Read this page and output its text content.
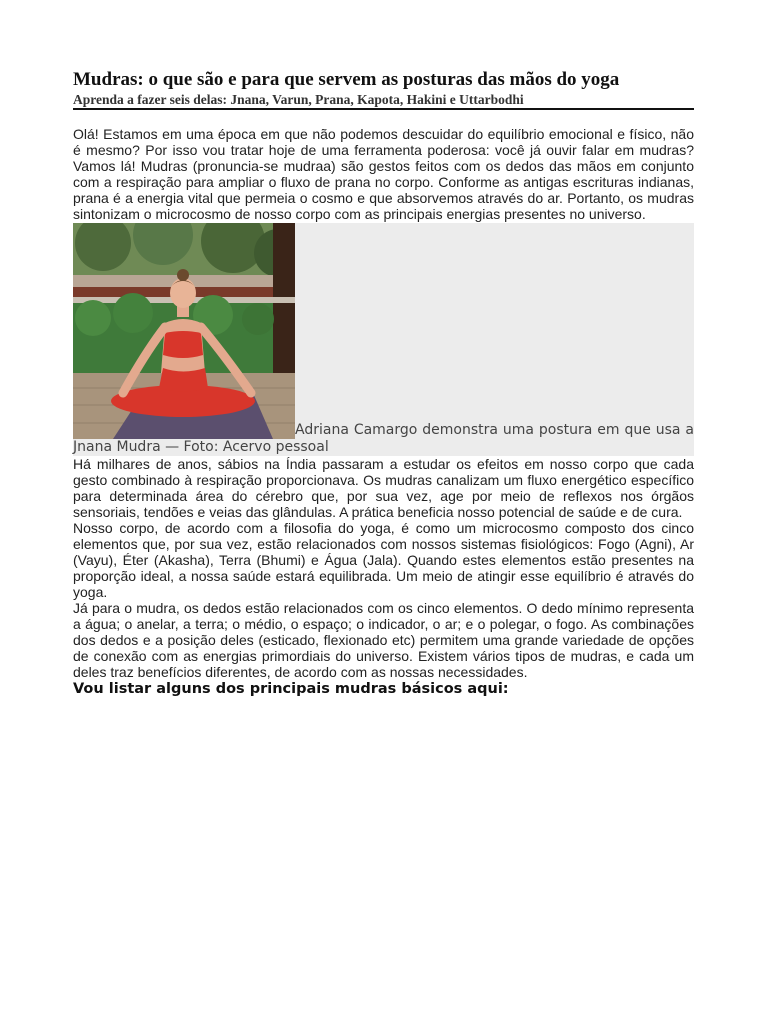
Mudras: o que são e para que servem as posturas das mãos do yoga
Aprenda a fazer seis delas: Jnana, Varun, Prana, Kapota, Hakini e Uttarbodhi

Olá! Estamos em uma época em que não podemos descuidar do equilíbrio emocional e físico, não é mesmo? Por isso vou tratar hoje de uma ferramenta poderosa: você já ouvir falar em mudras? Vamos lá! Mudras (pronuncia-se mudraa) são gestos feitos com os dedos das mãos em conjunto com a respiração para ampliar o fluxo de prana no corpo. Conforme as antigas escrituras indianas, prana é a energia vital que permeia o cosmo e que absorvemos através do ar. Portanto, os mudras sintonizam o microcosmo de nosso corpo com as principais energias presentes no universo.

Adriana Camargo demonstra uma postura em que usa a Jnana Mudra — Foto: Acervo pessoal

Há milhares de anos, sábios na Índia passaram a estudar os efeitos em nosso corpo que cada gesto combinado à respiração proporcionava. Os mudras canalizam um fluxo energético específico para determinada área do cérebro que, por sua vez, age por meio de reflexos nos órgãos sensoriais, tendões e veias das glândulas. A prática beneficia nosso potencial de saúde e de cura.

Nosso corpo, de acordo com a filosofia do yoga, é como um microcosmo composto dos cinco elementos que, por sua vez, estão relacionados com nossos sistemas fisiológicos: Fogo (Agni), Ar (Vayu), Éter (Akasha), Terra (Bhumi) e Água (Jala). Quando estes elementos estão presentes na proporção ideal, a nossa saúde estará equilibrada. Um meio de atingir esse equilíbrio é através do yoga.

Já para o mudra, os dedos estão relacionados com os cinco elementos. O dedo mínimo representa a água; o anelar, a terra; o médio, o espaço; o indicador, o ar; e o polegar, o fogo. As combinações dos dedos e a posição deles (esticado, flexionado etc) permitem uma grande variedade de opções de conexão com as energias primordiais do universo. Existem vários tipos de mudras, e cada um deles traz benefícios diferentes, de acordo com as nossas necessidades.

Vou listar alguns dos principais mudras básicos aqui:
